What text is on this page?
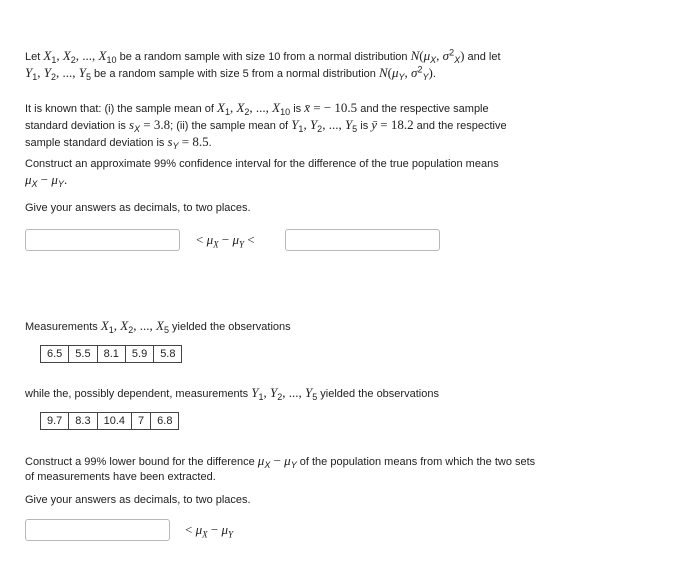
Let $X_1$, $X_2$, ..., $X_{10}$ be a random sample with size 10 from a normal distribution $N(\mu_X$, $\sigma^2_X$) and let
$Y_1$, $Y_2$, ..., $Y_5$ be a random sample with size 5 from a normal distribution $N(\mu_Y$, $\sigma^2_Y$).
It is known that: (i) the sample mean of $X_1$, $X_2$, ..., $X_{10}$ is x̄ = − 10.5 and the respective sample
standard deviation is $s_X = 3.8$; (ii) the sample mean of $Y_1$, $Y_2$, ..., $Y_5$ is ȳ = 18.2 and the respective
sample standard deviation is $s_Y = 8.5$.
Construct an approximate 99% confidence interval for the difference of the true population means
$\mu_X - \mu_Y$.
Give your answers as decimals, to two places.
< $\mu_X - \mu_Y$ <
Measurements $X_1$, $X_2$, ..., $X_5$ yielded the observations
6.5	5.5	8.1	5.9	5.8
while the, possibly dependent, measurements $Y_1$, $Y_2$, ..., $Y_5$ yielded the observations
9.7	8.3	10.4	7	6.8
Construct a 99% lower bound for the difference $\mu_X - \mu_Y$ of the population means from which the two sets
of measurements have been extracted.
Give your answers as decimals, to two places.
< $\mu_X - \mu_Y$
